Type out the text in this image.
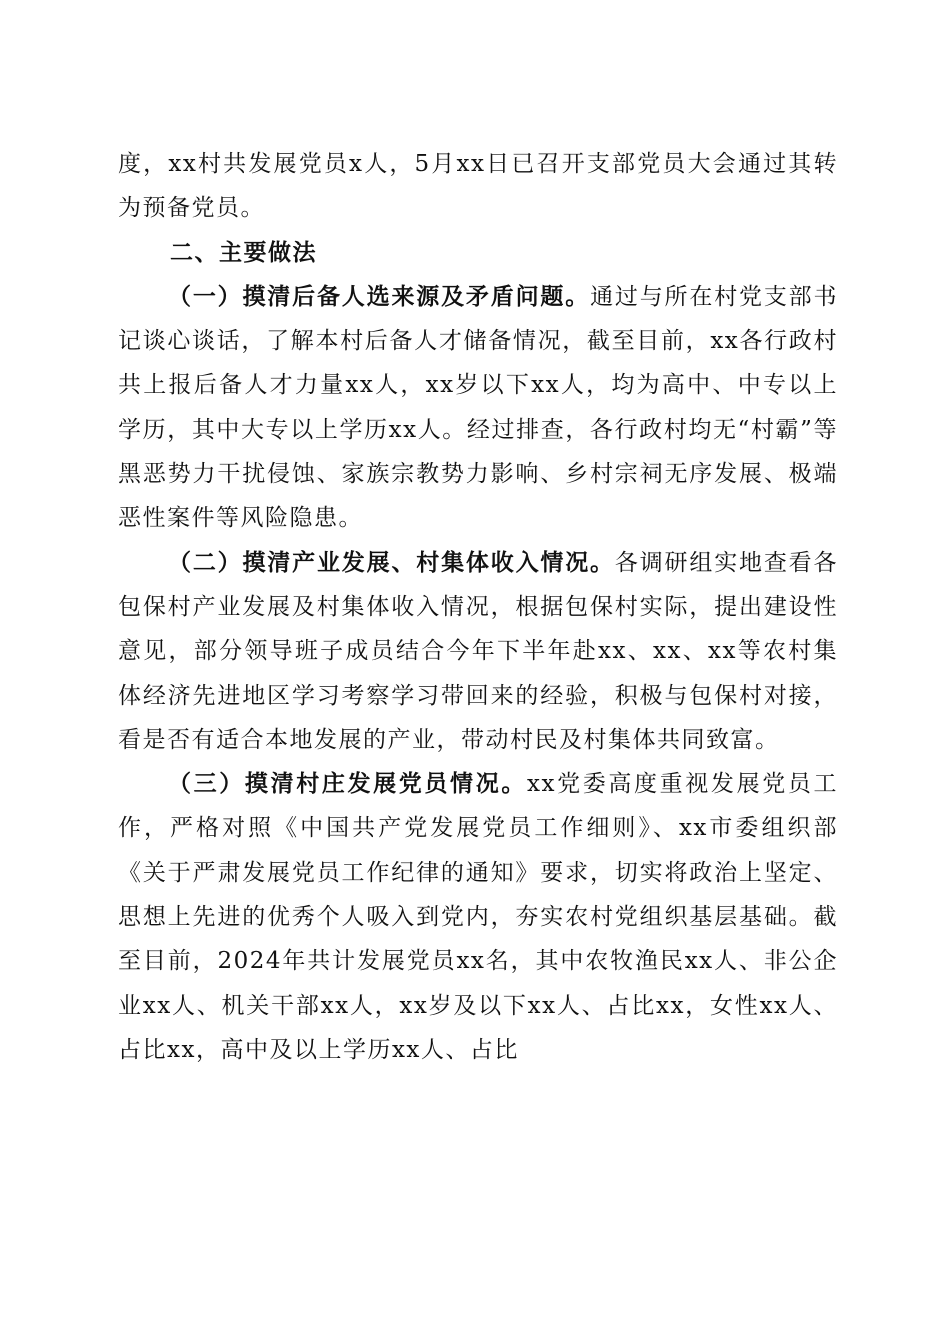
度，xx村共发展党员x人，5月xx日已召开支部党员大会通过其转为预备党员。

二、主要做法

（一）摸清后备人选来源及矛盾问题。通过与所在村党支部书记谈心谈话，了解本村后备人才储备情况，截至目前，xx各行政村共上报后备人才力量xx人，xx岁以下xx人，均为高中、中专以上学历，其中大专以上学历xx人。经过排查，各行政村均无“村霸”等黑恶势力干扰侵蚀、家族宗教势力影响、乡村宗祠无序发展、极端恶性案件等风险隐患。

（二）摸清产业发展、村集体收入情况。各调研组实地查看各包保村产业发展及村集体收入情况，根据包保村实际，提出建设性意见，部分领导班子成员结合今年下半年赴xx、xx、xx等农村集体经济先进地区学习考察学习带回来的经验，积极与包保村对接，看是否有适合本地发展的产业，带动村民及村集体共同致富。

（三）摸清村庄发展党员情况。xx党委高度重视发展党员工作，严格对照《中国共产党发展党员工作细则》、xx市委组织部《关于严肃发展党员工作纪律的通知》要求，切实将政治上坚定、思想上先进的优秀个人吸入到党内，夯实农村党组织基层基础。截至目前，2024年共计发展党员xx名，其中农牧渔民xx人、非公企业xx人、机关干部xx人，xx岁及以下xx人、占比xx，女性xx人、占比xx，高中及以上学历xx人、占比
